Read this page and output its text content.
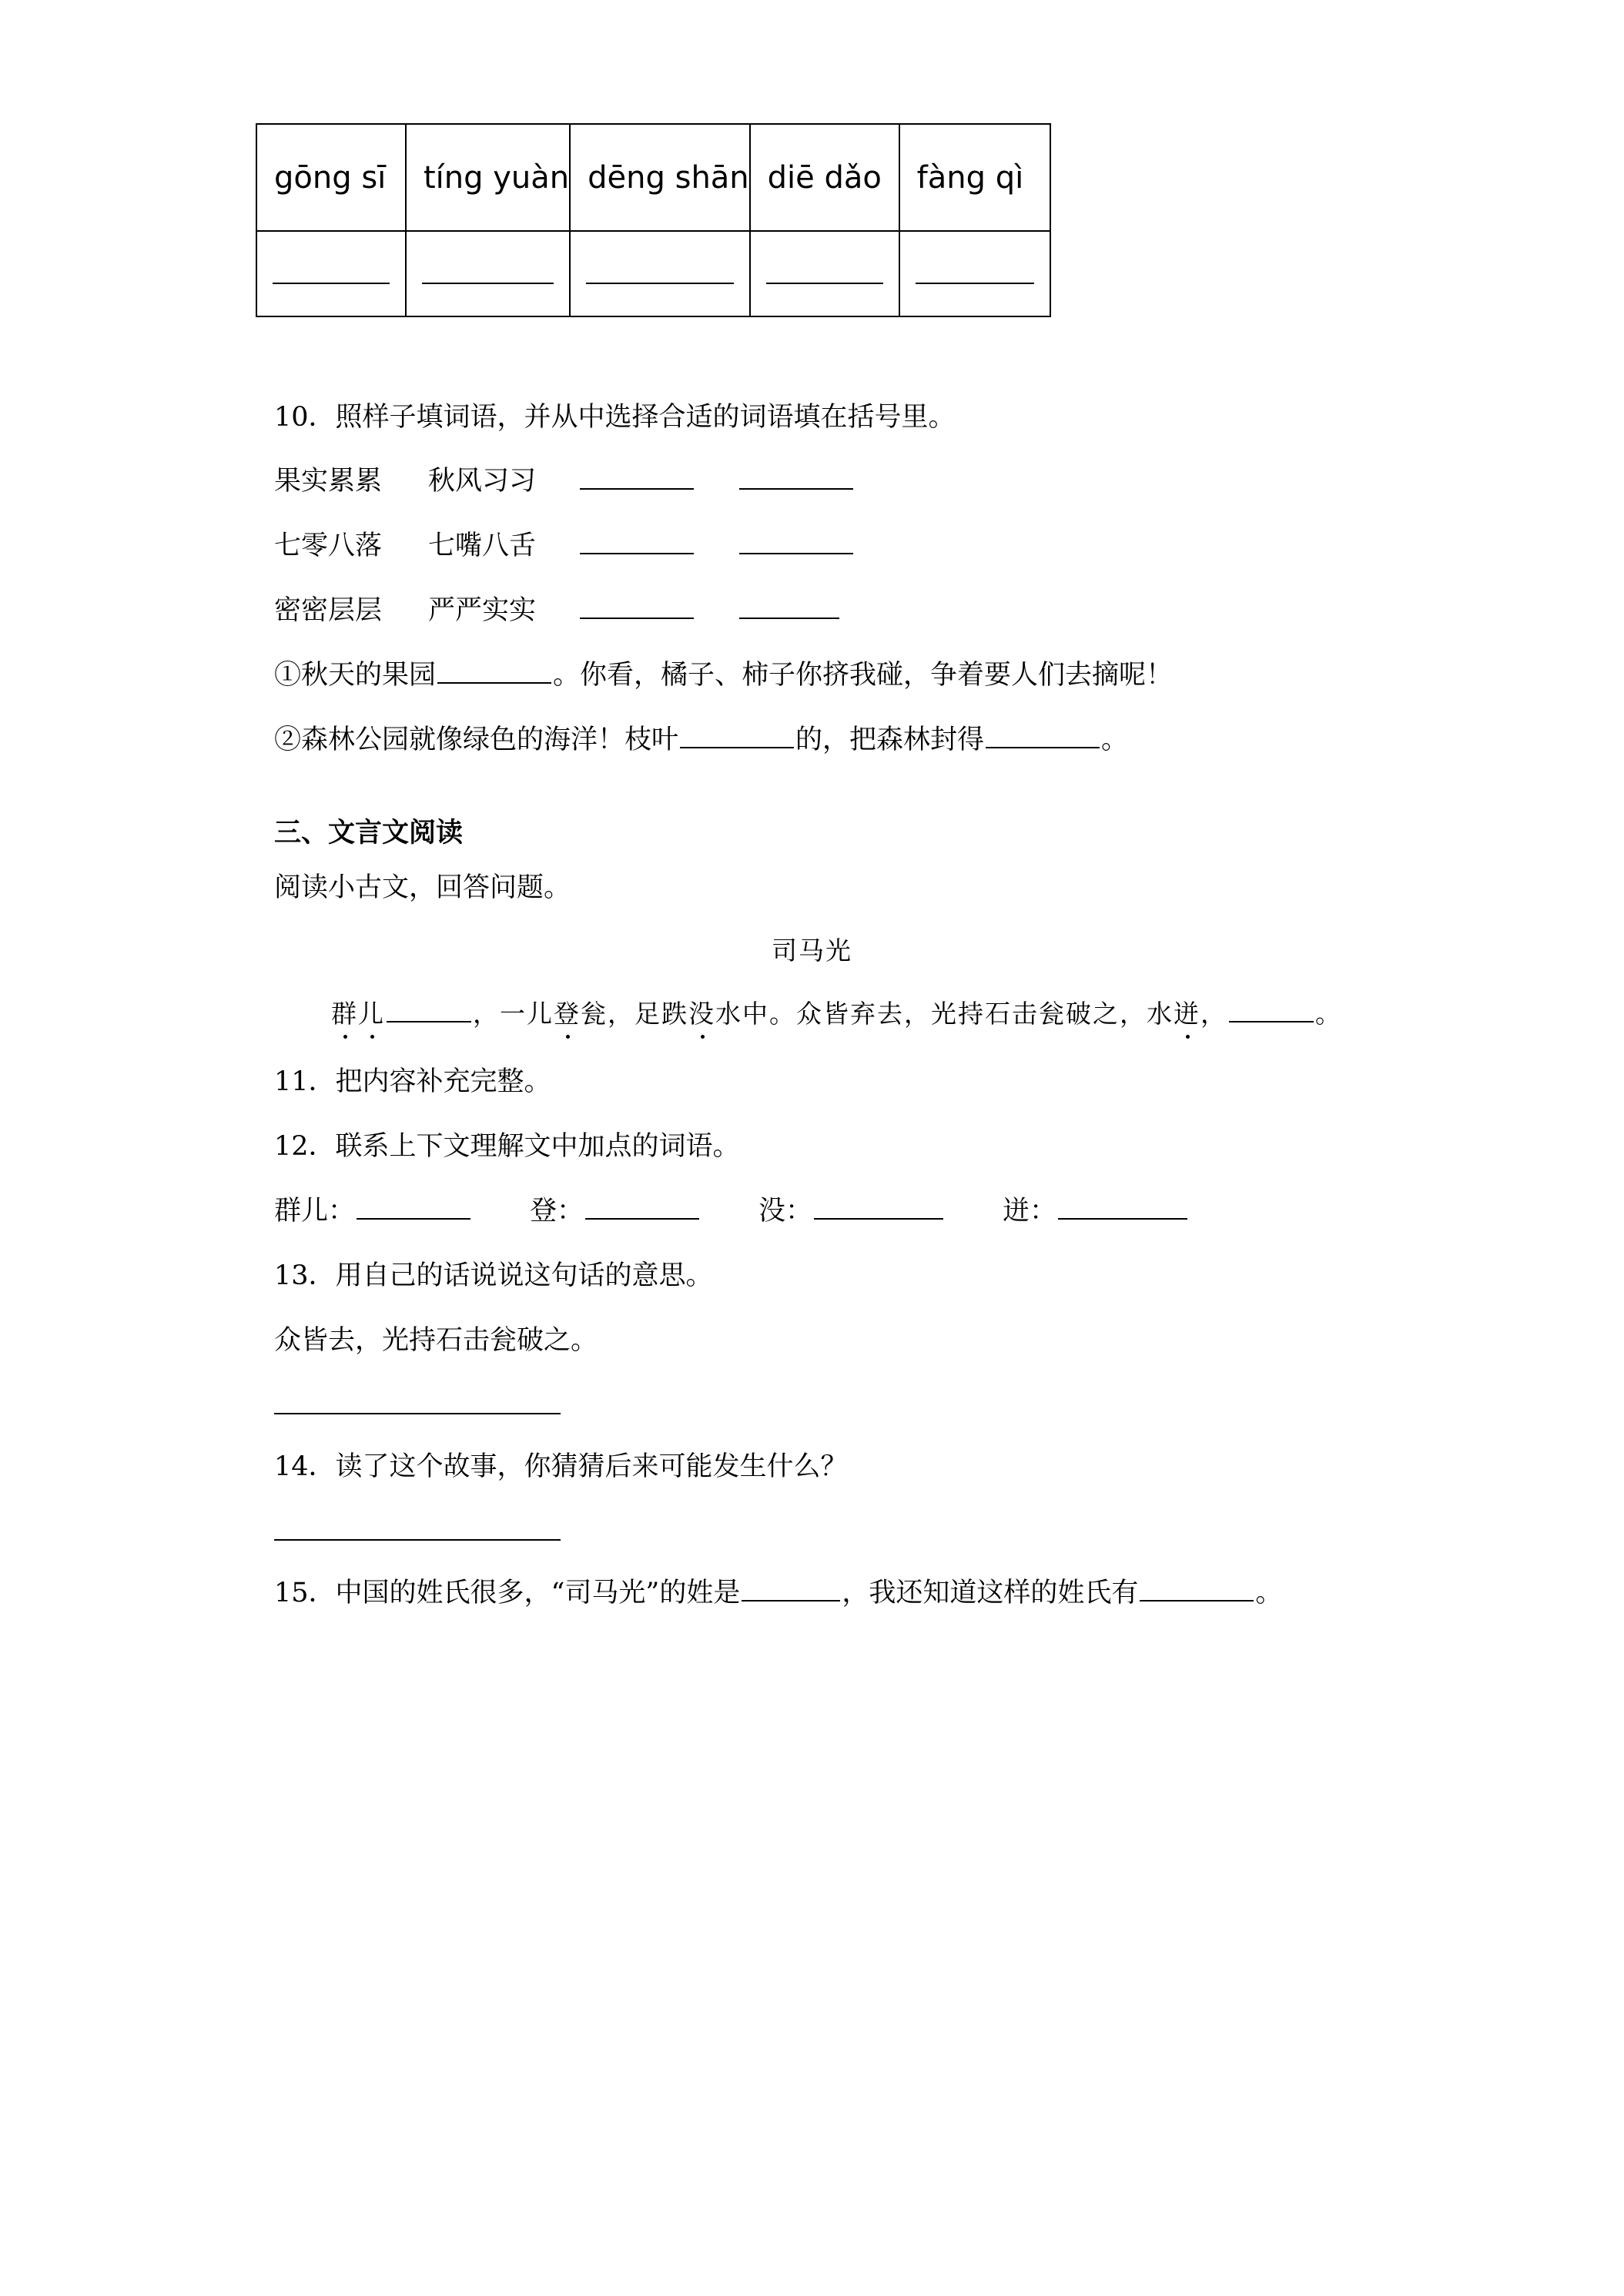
gōng sī	tíng yuàn	dēng shān	diē dǎo	fàng qì

10．照样子填词语，并从中选择合适的词语填在括号里。
果实累累 秋风习习
七零八落 七嘴八舌
密密层层 严严实实
①秋天的果园	。你看，橘子、柿子你挤我碰，争着要人们去摘呢！
②森林公园就像绿色的海洋！枝叶	的，把森林封得	。
三、文言文阅读
阅读小古文，回答问题。
司马光
群儿	，一儿登瓮，足跌没水中。众皆弃去，光持石击瓮破之，水迸，	。
11．把内容补充完整。
12．联系上下文理解文中加点的词语。
群儿：	登：	没：	迸：
13．用自己的话说说这句话的意思。
众皆去，光持石击瓮破之。
14．读了这个故事，你猜猜后来可能发生什么？
15．中国的姓氏很多，“司马光”的姓是	，我还知道这样的姓氏有	。
